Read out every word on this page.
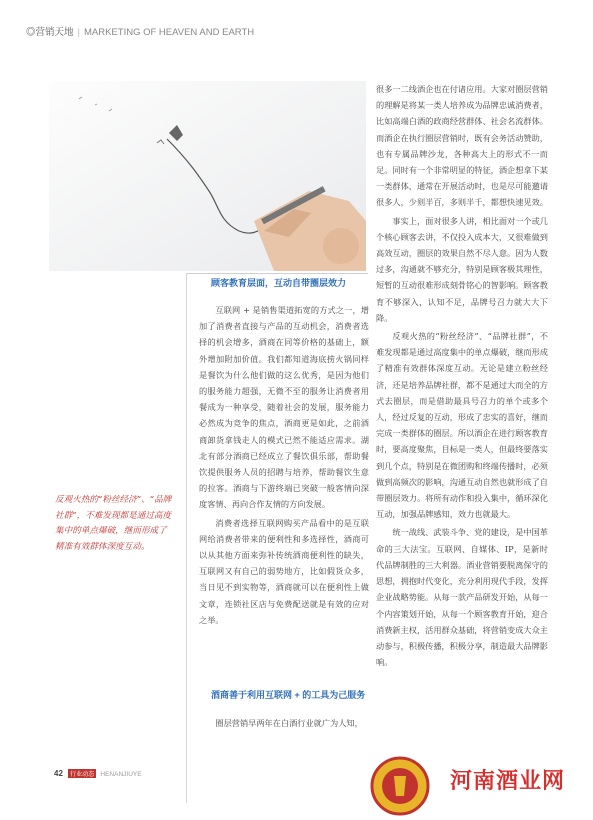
◎营销天地 | MARKETING OF HEAVEN AND EARTH
顾客教育层面，互动自带圈层效力

互联网 + 是销售渠道拓宽的方式之一，增加了消费者直接与产品的互动机会，消费者选择的机会增多，酒商在同等价格的基础上，额外增加附加价值。我们都知道海底捞火锅同样是餐饮为什么他们做的这么优秀，是因为他们的服务能力超强，无微不至的服务让消费者用餐成为一种享受，随着社会的发展，服务能力必然成为竞争的焦点，酒商更是如此，之前酒商卸货拿钱走人的模式已然不能适应需求。湖北有部分酒商已经成立了餐饮俱乐部，帮助餐饮提供服务人员的招聘与培养，帮助餐饮生意的拉客。酒商与下游终端已突破一般客情向深度客情、再向合作友情的方向发展。

消费者选择互联网购买产品看中的是互联网给消费者带来的便利性和多选择性，酒商可以从其他方面来弥补传统酒商便利性的缺失，互联网又有自己的弱势地方，比如假货众多，当日见不到实物等，酒商就可以在便利性上做文章，连锁社区店与免费配送就是有效的应对之举。

酒商善于利用互联网 + 的工具为己服务

圈层营销早两年在白酒行业就广为人知，

很多一二线酒企也在付诸应用。大家对圈层营销的理解是将某一类人培养成为品牌忠诚消费者，比如高端白酒的政商经营群体、社会名流群体。而酒企在执行圈层营销时，既有会务活动赞助，也有专属品牌沙龙，各种高大上的形式不一而足。同时有一个非常明显的特征，酒企想拿下某一类群体，通常在开展活动时，也是尽可能邀请很多人，少则半百，多则半千，都想快速见效。

事实上，面对很多人讲，相比面对一个或几个核心顾客去讲，不仅投入成本大，又很难做到高效互动，圈层的效果自然不尽人意。因为人数过多，沟通就不够充分，特别是顾客极其理性，短暂的互动很难形成刻骨铭心的智影响。顾客教育不够深入，认知不足，品牌号召力就大大下降。

反观火热的“粉丝经济”、“品牌社群”，不难发现都是通过高度集中的单点爆破，继而形成了精准有效群体深度互动。无论是建立粉丝经济，还是培养品牌社群，都不是通过大而全的方式去圈层，而是借助最具号召力的单个或多个人，经过反复的互动，形成了忠实的喜好，继而完成一类群体的圈层。所以酒企在进行顾客教育时，要高度聚焦，目标是一类人，但最终要落实到几个点，特别是在微团购和终端传播时，必须做到高频次的影响，沟通互动自然也就形成了自带圈层效力。将所有动作和投入集中，循环深化互动，加强品牌感知，效力也就最大。

统一战线、武装斗争、党的建设，是中国革命的三大法宝。互联网、自媒体、IP，是新时代品牌制胜的三大利器。酒业营销要脱离保守的思想，拥抱时代变化，充分利用现代手段，发挥企业战略势能。从每一款产品研发开始，从每一个内容策划开始，从每一个顾客教育开始，迎合消费新主权，活用群众基础，将营销变成大众主动参与，积极传播，积极分享，制造最大品牌影响。

反观火热的“粉丝经济”、“品牌社群”，不难发现都是通过高度集中的单点爆破，继而形成了精准有效群体深度互动。
42 行业动态 HENANJIUYE	河南酒业网
